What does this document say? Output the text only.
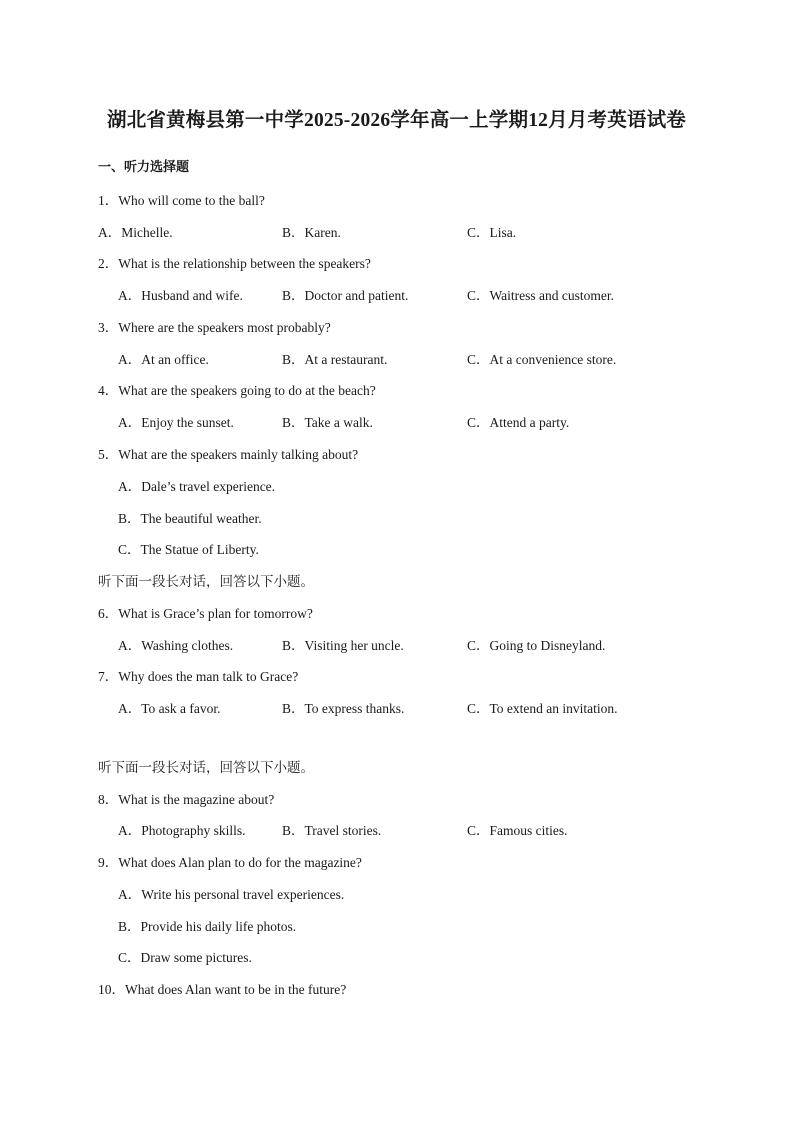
湖北省黄梅县第一中学2025-2026学年高一上学期12月月考英语试卷
一、听力选择题
1．Who will come to the ball?
A．Michelle.	B．Karen.	C．Lisa.
2．What is the relationship between the speakers?
A．Husband and wife.	B．Doctor and patient.	C．Waitress and customer.
3．Where are the speakers most probably?
A．At an office.	B．At a restaurant.	C．At a convenience store.
4．What are the speakers going to do at the beach?
A．Enjoy the sunset.	B．Take a walk.	C．Attend a party.
5．What are the speakers mainly talking about?
A．Dale’s travel experience.
B．The beautiful weather.
C．The Statue of Liberty.
听下面一段长对话，回答以下小题。
6．What is Grace’s plan for tomorrow?
A．Washing clothes.	B．Visiting her uncle.	C．Going to Disneyland.
7．Why does the man talk to Grace?
A．To ask a favor.	B．To express thanks.	C．To extend an invitation.
听下面一段长对话，回答以下小题。
8．What is the magazine about?
A．Photography skills.	B．Travel stories.	C．Famous cities.
9．What does Alan plan to do for the magazine?
A．Write his personal travel experiences.
B．Provide his daily life photos.
C．Draw some pictures.
10．What does Alan want to be in the future?
